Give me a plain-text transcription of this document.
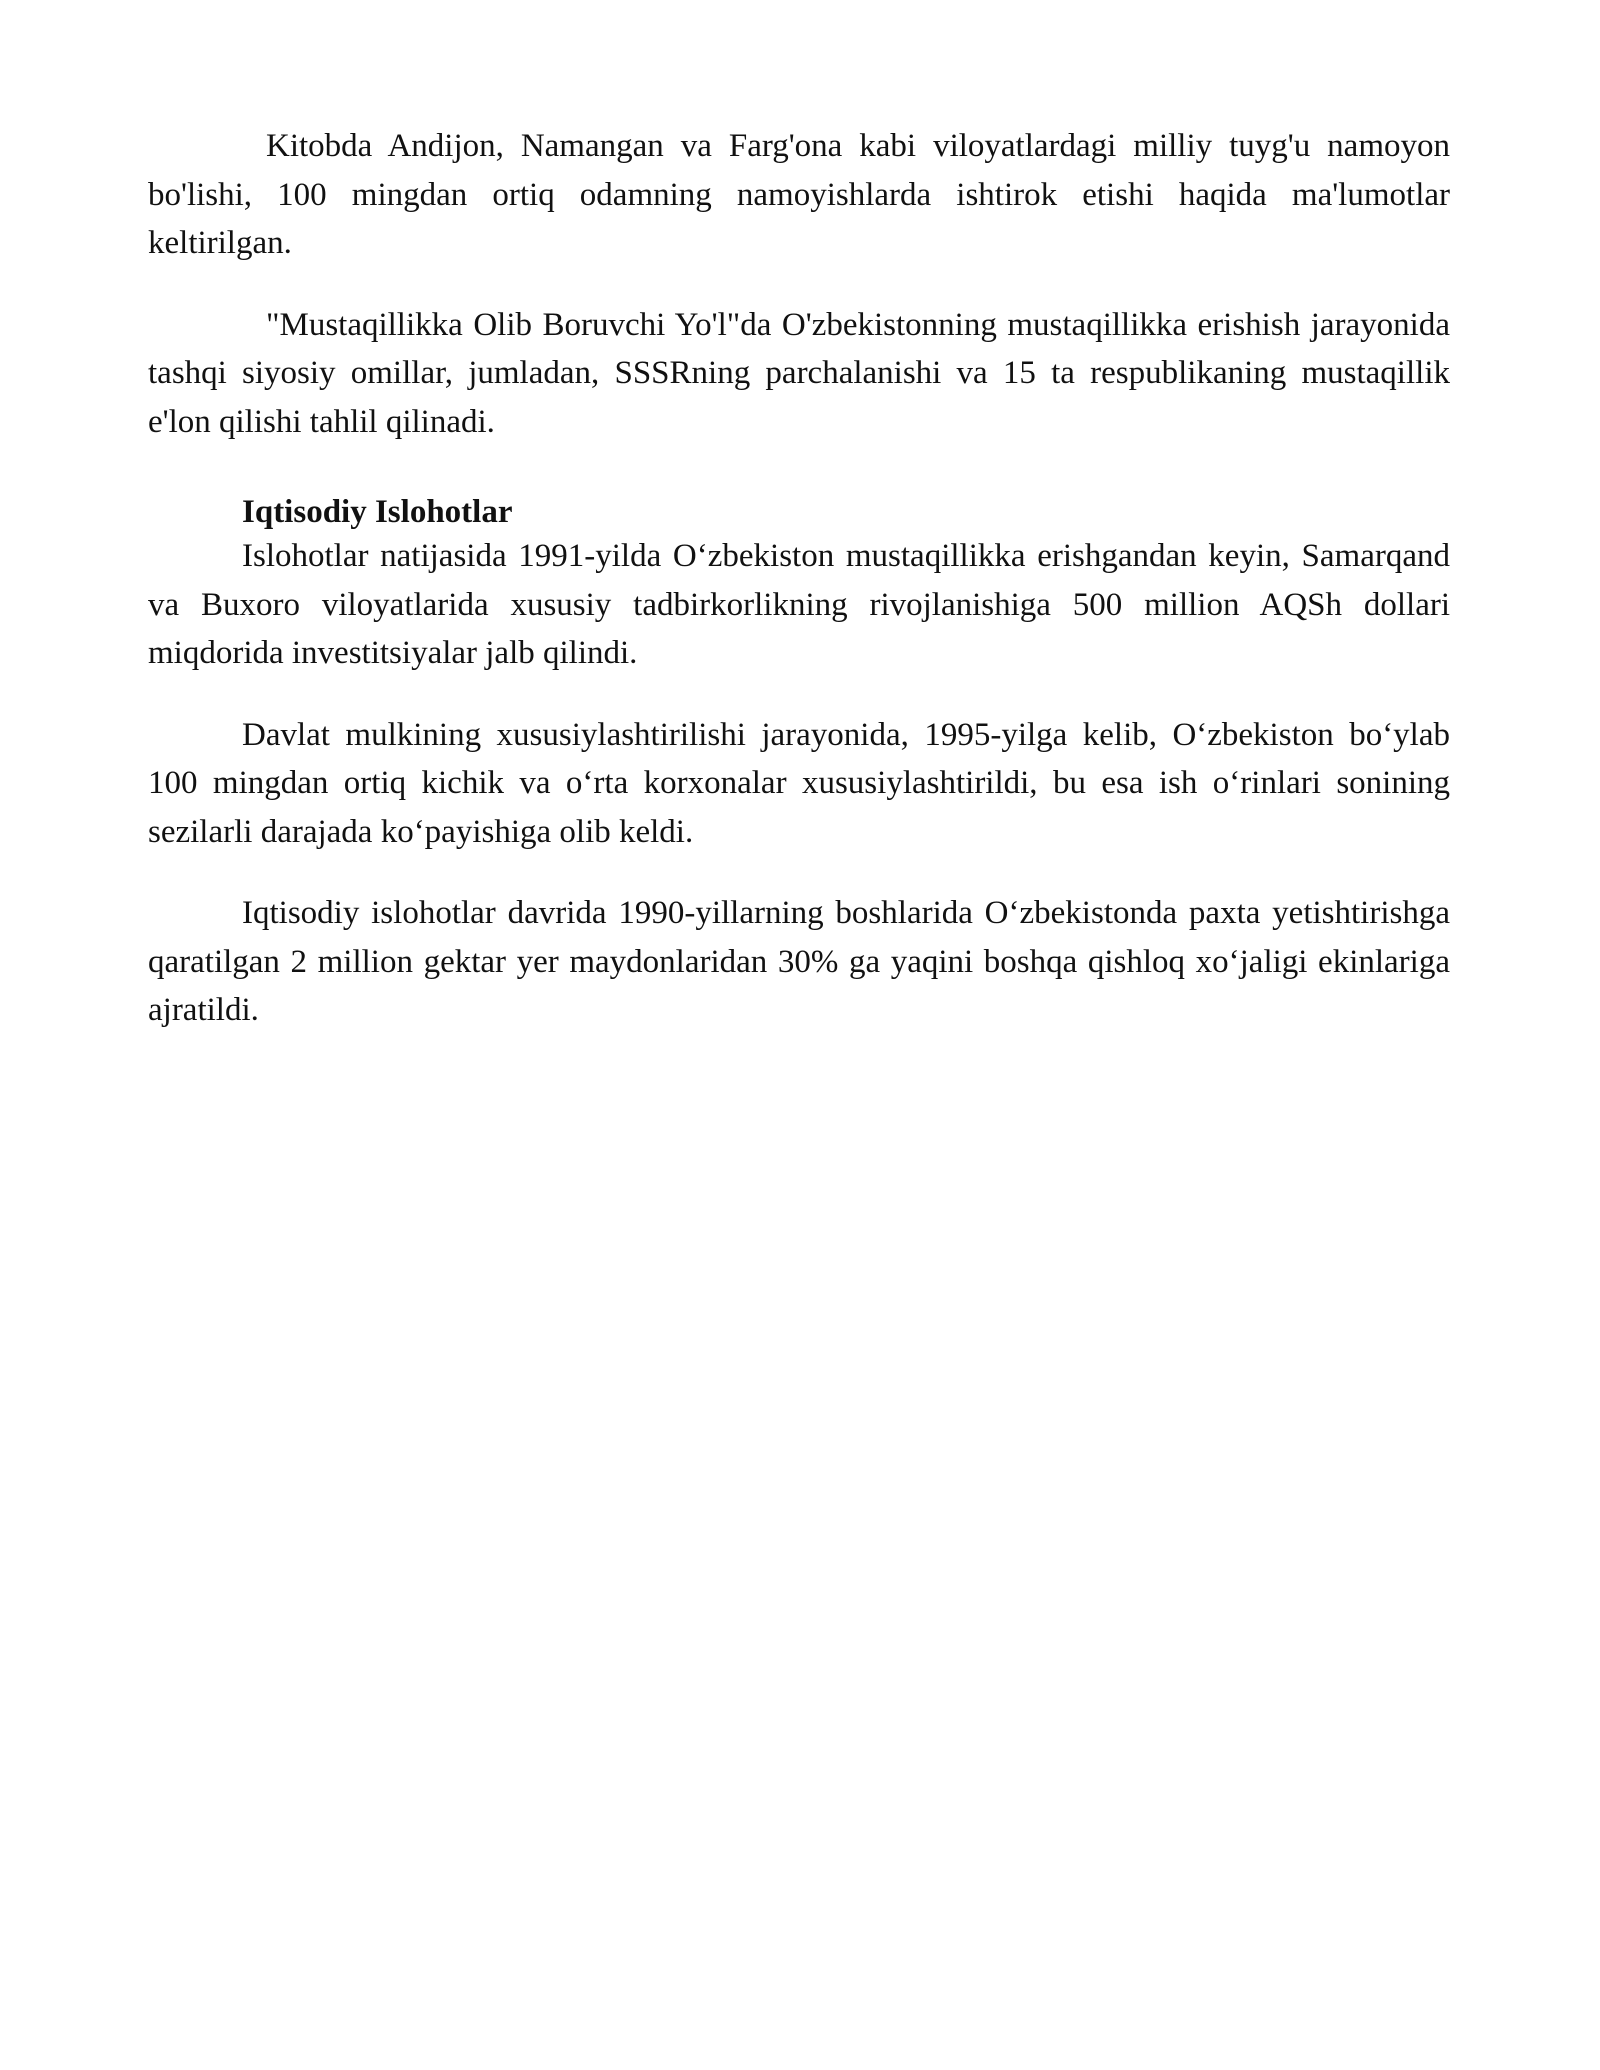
Kitobda Andijon, Namangan va Farg'ona kabi viloyatlardagi milliy tuyg'u namoyon bo'lishi, 100 mingdan ortiq odamning namoyishlarda ishtirok etishi haqida ma'lumotlar keltirilgan.

"Mustaqillikka Olib Boruvchi Yo'l"da O'zbekistonning mustaqillikka erishish jarayonida tashqi siyosiy omillar, jumladan, SSSRning parchalanishi va 15 ta respublikaning mustaqillik e'lon qilishi tahlil qilinadi.

Iqtisodiy Islohotlar

Islohotlar natijasida 1991-yilda O‘zbekiston mustaqillikka erishgandan keyin, Samarqand va Buxoro viloyatlarida xususiy tadbirkorlikning rivojlanishiga 500 million AQSh dollari miqdorida investitsiyalar jalb qilindi.

Davlat mulkining xususiylashtirilishi jarayonida, 1995-yilga kelib, O‘zbekiston bo‘ylab 100 mingdan ortiq kichik va o‘rta korxonalar xususiylashtirildi, bu esa ish o‘rinlari sonining sezilarli darajada ko‘payishiga olib keldi.

Iqtisodiy islohotlar davrida 1990-yillarning boshlarida O‘zbekistonda paxta yetishtirishga qaratilgan 2 million gektar yer maydonlaridan 30% ga yaqini boshqa qishloq xo‘jaligi ekinlariga ajratildi.
